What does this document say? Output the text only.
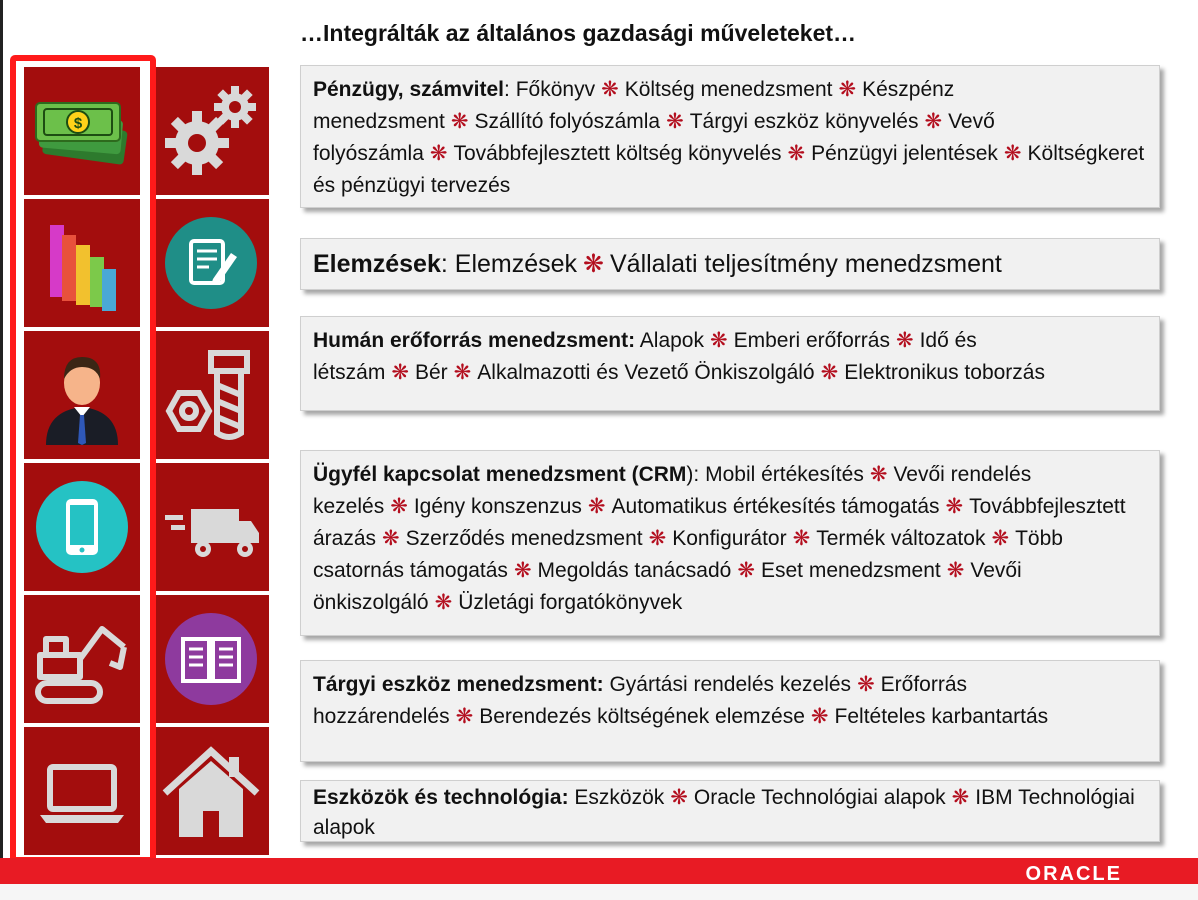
…Integrálták az általános gazdasági műveleteket…
$
Pénzügy, számvitel: Főkönyv ❋ Költség menedzsment ❋ Készpénz menedzsment ❋ Szállító folyószámla ❋ Tárgyi eszköz könyvelés ❋ Vevő folyószámla ❋ Továbbfejlesztett költség könyvelés ❋ Pénzügyi jelentések ❋ Költségkeret és pénzügyi tervezés
Elemzések: Elemzések ❋ Vállalati teljesítmény menedzsment
Humán erőforrás menedzsment: Alapok ❋ Emberi erőforrás ❋ Idő és létszám ❋ Bér ❋ Alkalmazotti és Vezető Önkiszolgáló ❋ Elektronikus toborzás
Ügyfél kapcsolat menedzsment (CRM): Mobil értékesítés ❋ Vevői rendelés kezelés ❋ Igény konszenzus ❋ Automatikus értékesítés támogatás ❋ Továbbfejlesztett árazás ❋ Szerződés menedzsment ❋ Konfigurátor ❋ Termék változatok ❋ Több csatornás támogatás ❋ Megoldás tanácsadó ❋ Eset menedzsment ❋ Vevői önkiszolgáló ❋ Üzletági forgatókönyvek
Tárgyi eszköz menedzsment: Gyártási rendelés kezelés ❋ Erőforrás hozzárendelés ❋ Berendezés költségének elemzése ❋ Feltételes karbantartás
Eszközök és technológia: Eszközök ❋ Oracle Technológiai alapok ❋ IBM Technológiai alapok
ORACLE
